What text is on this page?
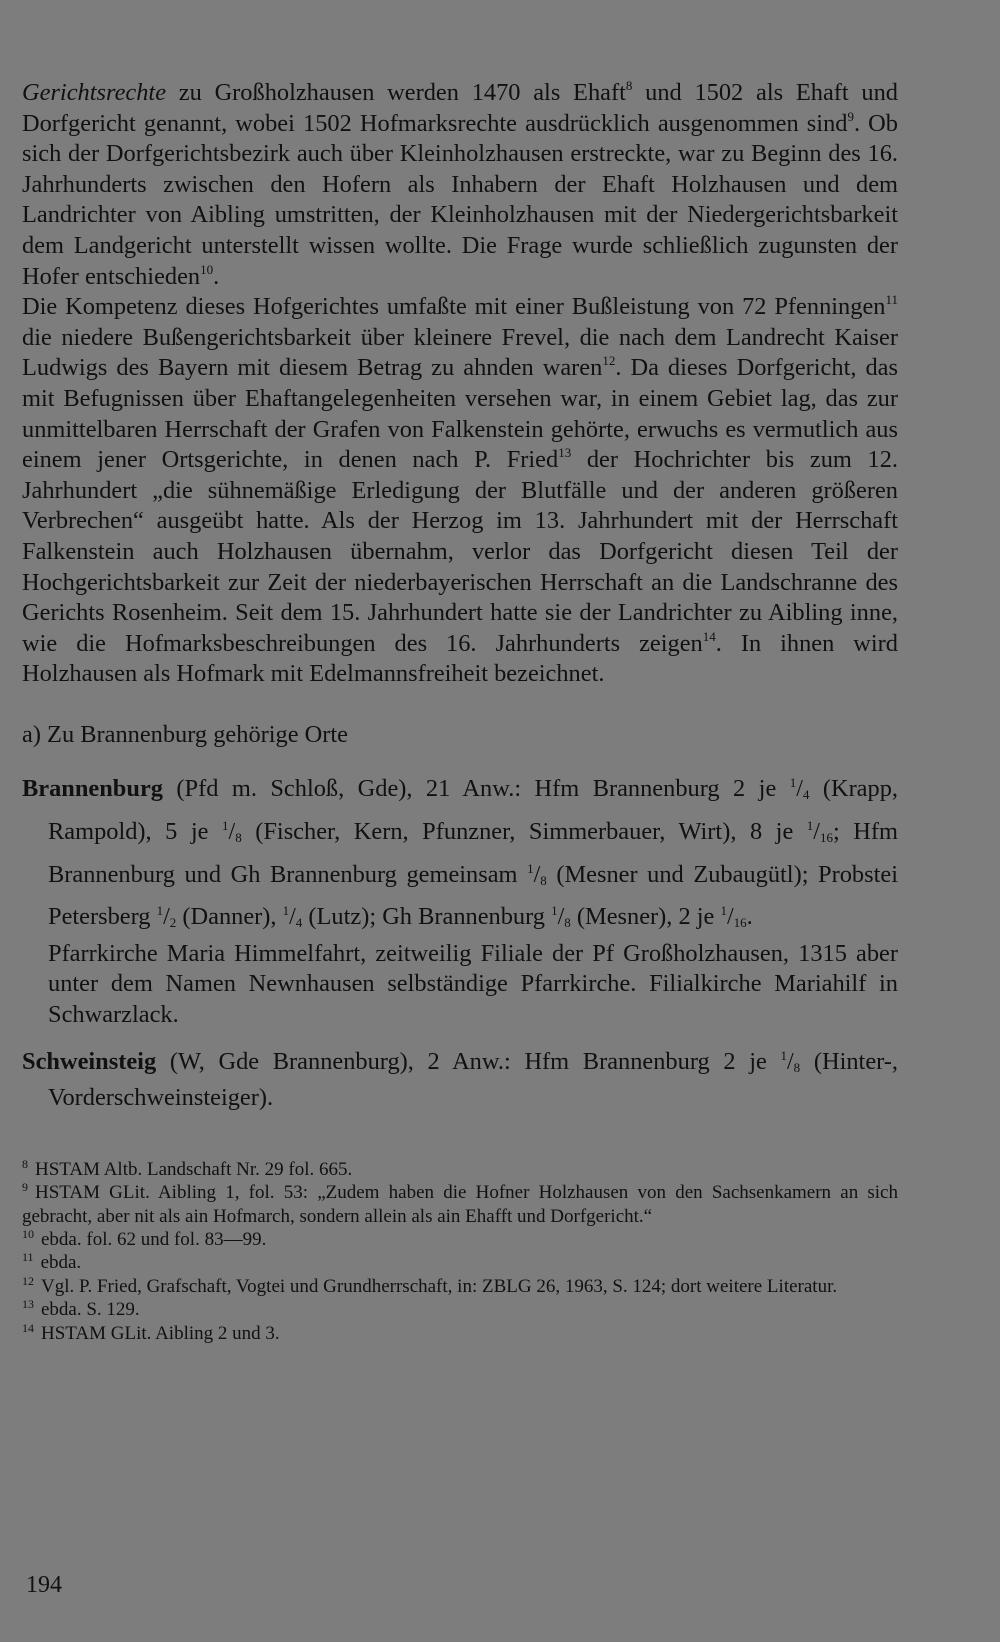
Gerichtsrechte zu Großholzhausen werden 1470 als Ehaft$^8$ und 1502 als Ehaft und Dorfgericht genannt, wobei 1502 Hofmarksrechte ausdrücklich ausgenommen sind$^9$. Ob sich der Dorfgerichtsbezirk auch über Kleinholzhausen erstreckte, war zu Beginn des 16. Jahrhunderts zwischen den Hofern als Inhabern der Ehaft Holzhausen und dem Landrichter von Aibling umstritten, der Kleinholzhausen mit der Niedergerichtsbarkeit dem Landgericht unterstellt wissen wollte. Die Frage wurde schließlich zugunsten der Hofer entschieden$^{10}$.

Die Kompetenz dieses Hofgerichtes umfaßte mit einer Bußleistung von 72 Pfenningen$^{11}$ die niedere Bußengerichtsbarkeit über kleinere Frevel, die nach dem Landrecht Kaiser Ludwigs des Bayern mit diesem Betrag zu ahnden waren$^{12}$. Da dieses Dorfgericht, das mit Befugnissen über Ehaftangelegenheiten versehen war, in einem Gebiet lag, das zur unmittelbaren Herrschaft der Grafen von Falkenstein gehörte, erwuchs es vermutlich aus einem jener Ortsgerichte, in denen nach P. Fried$^{13}$ der Hochrichter bis zum 12. Jahrhundert „die sühnemäßige Erledigung der Blutfälle und der anderen größeren Verbrechen“ ausgeübt hatte. Als der Herzog im 13. Jahrhundert mit der Herrschaft Falkenstein auch Holzhausen übernahm, verlor das Dorfgericht diesen Teil der Hochgerichtsbarkeit zur Zeit der niederbayerischen Herrschaft an die Landschranne des Gerichts Rosenheim. Seit dem 15. Jahrhundert hatte sie der Landrichter zu Aibling inne, wie die Hofmarksbeschreibungen des 16. Jahrhunderts zeigen$^{14}$. In ihnen wird Holzhausen als Hofmark mit Edelmannsfreiheit bezeichnet.

a) Zu Brannenburg gehörige Orte
Brannenburg (Pfd m. Schloß, Gde), 21 Anw.: Hfm Brannenburg 2 je $^1$/4 (Krapp, Rampold), 5 je $^1$/8 (Fischer, Kern, Pfunzner, Simmerbauer, Wirt), 8 je $^1$/16; Hfm Brannenburg und Gh Brannenburg gemeinsam $^1$/8 (Mesner und Zubaugütl); Probstei Petersberg $^1$/2 (Danner), $^1$/4 (Lutz); Gh Brannenburg $^1$/8 (Mesner), 2 je $^1$/16.
Pfarrkirche Maria Himmelfahrt, zeitweilig Filiale der Pf Großholzhausen, 1315 aber unter dem Namen Newnhausen selbständige Pfarrkirche. Filialkirche Mariahilf in Schwarzlack.
Schweinsteig (W, Gde Brannenburg), 2 Anw.: Hfm Brannenburg 2 je $^1$/8 (Hinter-, Vorderschweinsteiger).

$^8$ HSTAM Altb. Landschaft Nr. 29 fol. 665.

$^9$ HSTAM GLit. Aibling 1, fol. 53: „Zudem haben die Hofner Holzhausen von den Sachsenkamern an sich gebracht, aber nit als ain Hofmarch, sondern allein als ain Ehafft und Dorfgericht.“

$^{10}$ ebda. fol. 62 und fol. 83—99.

$^{11}$ ebda.

$^{12}$ Vgl. P. Fried, Grafschaft, Vogtei und Grundherrschaft, in: ZBLG 26, 1963, S. 124; dort weitere Literatur.

$^{13}$ ebda. S. 129.

$^{14}$ HSTAM GLit. Aibling 2 und 3.

194
